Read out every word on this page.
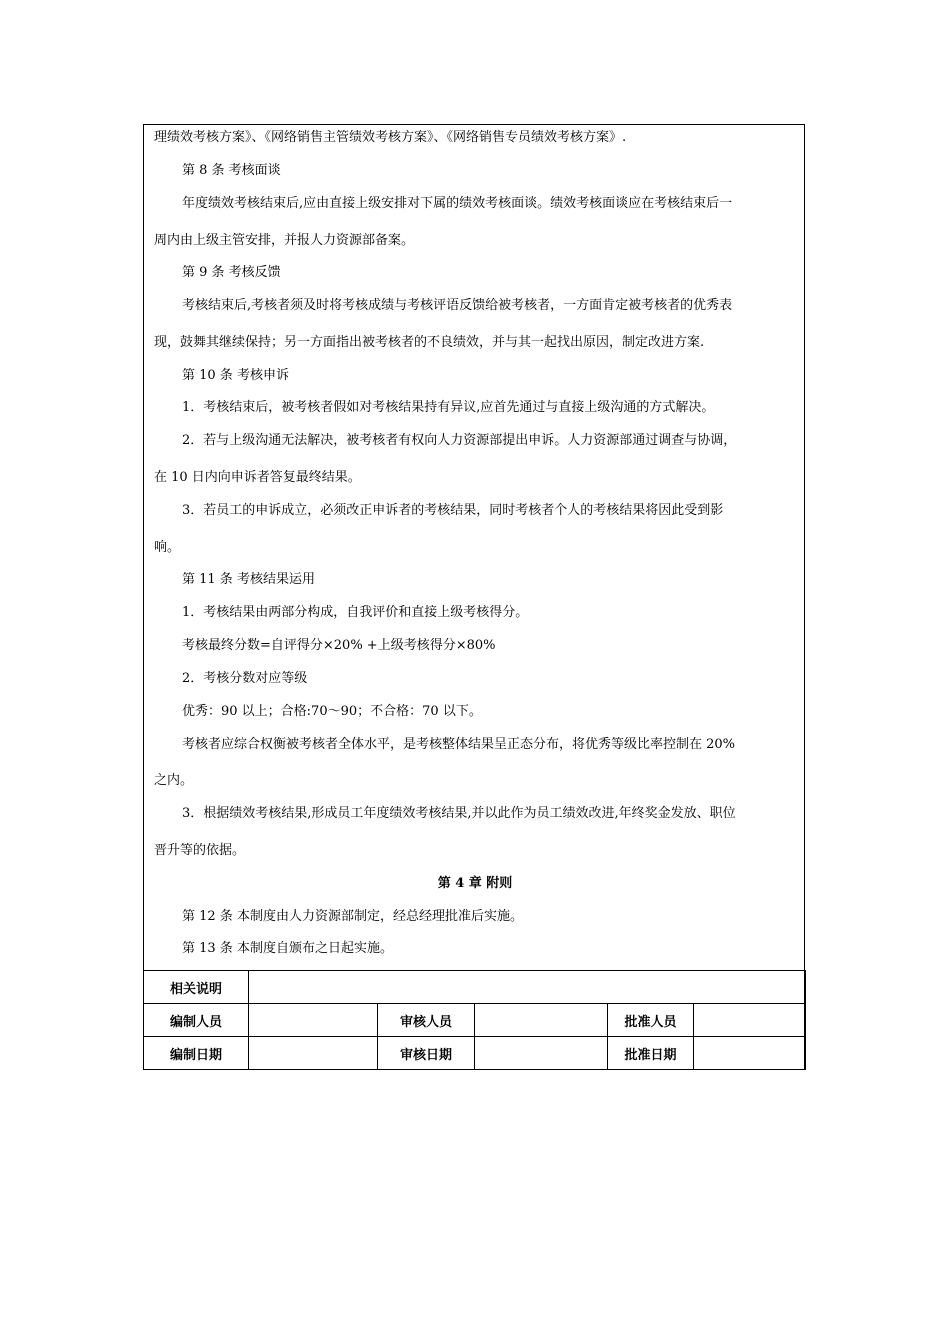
理绩效考核方案》、《网络销售主管绩效考核方案》、《网络销售专员绩效考核方案》.
第 8 条 考核面谈
年度绩效考核结束后,应由直接上级安排对下属的绩效考核面谈。绩效考核面谈应在考核结束后一
周内由上级主管安排，并报人力资源部备案。
第 9 条 考核反馈
考核结束后,考核者须及时将考核成绩与考核评语反馈给被考核者，一方面肯定被考核者的优秀表
现，鼓舞其继续保持；另一方面指出被考核者的不良绩效，并与其一起找出原因，制定改进方案.
第 10 条 考核申诉
1．考核结束后，被考核者假如对考核结果持有异议,应首先通过与直接上级沟通的方式解决。
2．若与上级沟通无法解决，被考核者有权向人力资源部提出申诉。人力资源部通过调查与协调，
在 10 日内向申诉者答复最终结果。
3．若员工的申诉成立，必须改正申诉者的考核结果，同时考核者个人的考核结果将因此受到影
响。
第 11 条 考核结果运用
1．考核结果由两部分构成，自我评价和直接上级考核得分。
考核最终分数=自评得分×20% +上级考核得分×80%
2．考核分数对应等级
优秀：90 以上；合格:70～90；不合格：70 以下。
考核者应综合权衡被考核者全体水平，是考核整体结果呈正态分布，将优秀等级比率控制在 20%
之内。
3．根据绩效考核结果,形成员工年度绩效考核结果,并以此作为员工绩效改进,年终奖金发放、职位
晋升等的依据。
第 4 章 附则
第 12 条 本制度由人力资源部制定，经总经理批准后实施。
第 13 条 本制度自颁布之日起实施。
相关说明					
编制人员		审核人员		批准人员	
编制日期		审核日期		批准日期	
